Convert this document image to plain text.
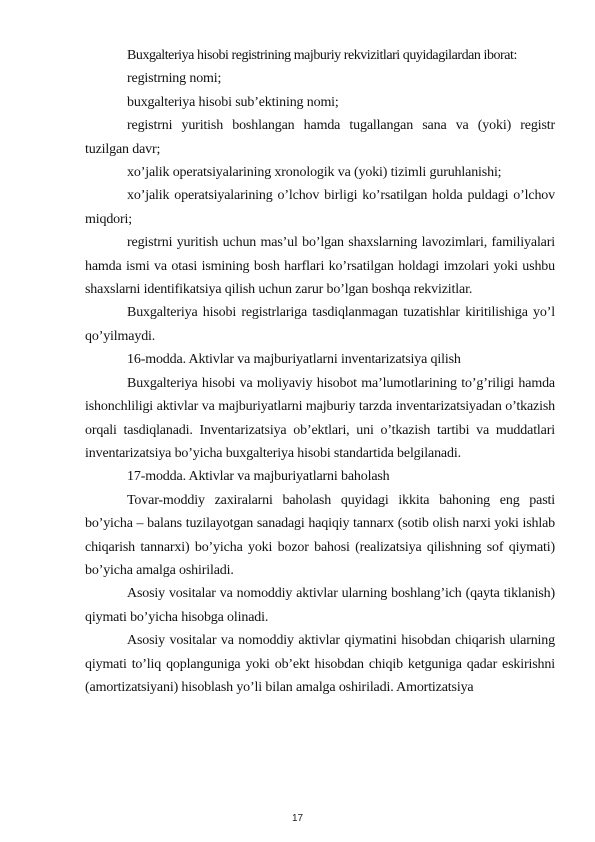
Buxgalteriya hisobi registrining majburiy rekvizitlari quyidagilardan iborat:

registrning nomi;

buxgalteriya hisobi sub’ektining nomi;

registrni yuritish boshlangan hamda tugallangan sana va (yoki) registr tuzilgan davr;

xo’jalik operatsiyalarining xronologik va (yoki) tizimli guruhlanishi;

xo’jalik operatsiyalarining o’lchov birligi ko’rsatilgan holda puldagi o’lchov miqdori;

registrni yuritish uchun mas’ul bo’lgan shaxslarning lavozimlari, familiyalari hamda ismi va otasi ismining bosh harflari ko’rsatilgan holdagi imzolari yoki ushbu shaxslarni identifikatsiya qilish uchun zarur bo’lgan boshqa rekvizitlar.

Buxgalteriya hisobi registrlariga tasdiqlanmagan tuzatishlar kiritilishiga yo’l qo’yilmaydi.

16-modda. Aktivlar va majburiyatlarni inventarizatsiya qilish

Buxgalteriya hisobi va moliyaviy hisobot ma’lumotlarining to’g’riligi hamda ishonchliligi aktivlar va majburiyatlarni majburiy tarzda inventarizatsiyadan o’tkazish orqali tasdiqlanadi. Inventarizatsiya ob’ektlari, uni o’tkazish tartibi va muddatlari inventarizatsiya bo’yicha buxgalteriya hisobi standartida belgilanadi.

17-modda. Aktivlar va majburiyatlarni baholash

Tovar-moddiy zaxiralarni baholash quyidagi ikkita bahoning eng pasti bo’yicha – balans tuzilayotgan sanadagi haqiqiy tannarx (sotib olish narxi yoki ishlab chiqarish tannarxi) bo’yicha yoki bozor bahosi (realizatsiya qilishning sof qiymati) bo’yicha amalga oshiriladi.

Asosiy vositalar va nomoddiy aktivlar ularning boshlang’ich (qayta tiklanish) qiymati bo’yicha hisobga olinadi.

Asosiy vositalar va nomoddiy aktivlar qiymatini hisobdan chiqarish ularning qiymati to’liq qoplanguniga yoki ob’ekt hisobdan chiqib ketguniga qadar eskirishni (amortizatsiyani) hisoblash yo’li bilan amalga oshiriladi. Amortizatsiya

17
